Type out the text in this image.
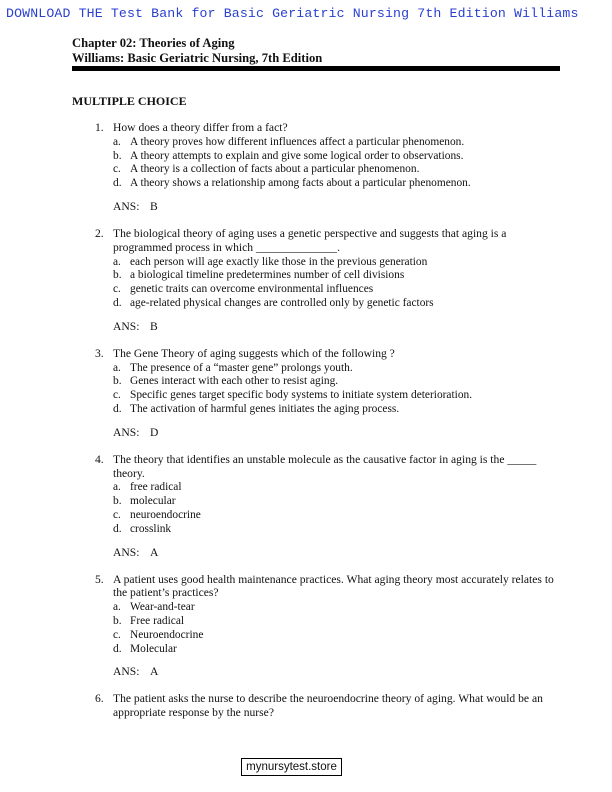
DOWNLOAD THE Test Bank for Basic Geriatric Nursing 7th Edition Williams
Chapter 02: Theories of Aging
Williams: Basic Geriatric Nursing, 7th Edition
MULTIPLE CHOICE
1. How does a theory differ from a fact?
a. A theory proves how different influences affect a particular phenomenon.
b. A theory attempts to explain and give some logical order to observations.
c. A theory is a collection of facts about a particular phenomenon.
d. A theory shows a relationship among facts about a particular phenomenon.
ANS: B
2. The biological theory of aging uses a genetic perspective and suggests that aging is a programmed process in which ______________.
a. each person will age exactly like those in the previous generation
b. a biological timeline predetermines number of cell divisions
c. genetic traits can overcome environmental influences
d. age-related physical changes are controlled only by genetic factors
ANS: B
3. The Gene Theory of aging suggests which of the following ?
a. The presence of a “master gene” prolongs youth.
b. Genes interact with each other to resist aging.
c. Specific genes target specific body systems to initiate system deterioration.
d. The activation of harmful genes initiates the aging process.
ANS: D
4. The theory that identifies an unstable molecule as the causative factor in aging is the _____ theory.
a. free radical
b. molecular
c. neuroendocrine
d. crosslink
ANS: A
5. A patient uses good health maintenance practices. What aging theory most accurately relates to the patient’s practices?
a. Wear-and-tear
b. Free radical
c. Neuroendocrine
d. Molecular
ANS: A
6. The patient asks the nurse to describe the neuroendocrine theory of aging. What would be an appropriate response by the nurse?
mynursytest.store
